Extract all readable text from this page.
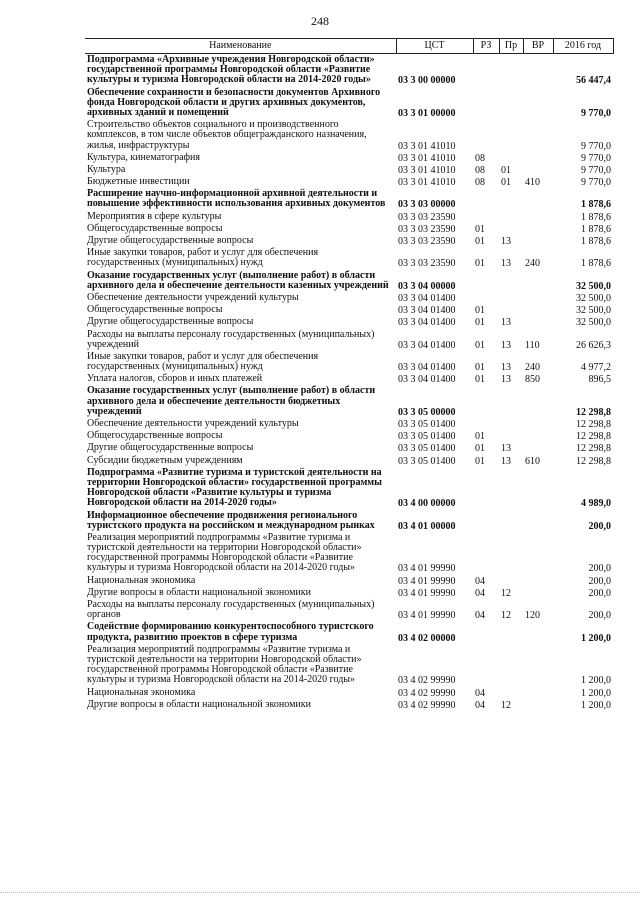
248
Наименование	ЦСТ	РЗ	Пр	ВР	2016 год
Подпрограмма «Архивные учреждения Новгородской области» государственной программы Новгородской области «Развитие культуры и туризма Новгородской области на 2014-2020 годы»	03 3 00 00000				56 447,4
Обеспечение сохранности и безопасности документов Архивного фонда Новгородской области и других архивных документов, архивных зданий и помещений	03 3 01 00000				9 770,0
Строительство объектов социального и производственного комплексов, в том числе объектов общегражданского назначения, жилья, инфраструктуры	03 3 01 41010				9 770,0
Культура, кинематография	03 3 01 41010	08			9 770,0
Культура	03 3 01 41010	08	01		9 770,0
Бюджетные инвестиции	03 3 01 41010	08	01	410	9 770,0
Расширение научно-информационной архивной деятельности и повышение эффективности использования архивных документов	03 3 03 00000				1 878,6
Мероприятия в сфере культуры	03 3 03 23590				1 878,6
Общегосударственные вопросы	03 3 03 23590	01			1 878,6
Другие общегосударственные вопросы	03 3 03 23590	01	13		1 878,6
Иные закупки товаров, работ и услуг для обеспечения государственных (муниципальных) нужд	03 3 03 23590	01	13	240	1 878,6
Оказание государственных услуг (выполнение работ) в области архивного дела и обеспечение деятельности казенных учреждений	03 3 04 00000				32 500,0
Обеспечение деятельности учреждений культуры	03 3 04 01400				32 500,0
Общегосударственные вопросы	03 3 04 01400	01			32 500,0
Другие общегосударственные вопросы	03 3 04 01400	01	13		32 500,0
Расходы на выплаты персоналу государственных (муниципальных) учреждений	03 3 04 01400	01	13	110	26 626,3
Иные закупки товаров, работ и услуг для обеспечения государственных (муниципальных) нужд	03 3 04 01400	01	13	240	4 977,2
Уплата налогов, сборов и иных платежей	03 3 04 01400	01	13	850	896,5
Оказание государственных услуг (выполнение работ) в области архивного дела и обеспечение деятельности бюджетных учреждений	03 3 05 00000				12 298,8
Обеспечение деятельности учреждений культуры	03 3 05 01400				12 298,8
Общегосударственные вопросы	03 3 05 01400	01			12 298,8
Другие общегосударственные вопросы	03 3 05 01400	01	13		12 298,8
Субсидии бюджетным учреждениям	03 3 05 01400	01	13	610	12 298,8
Подпрограмма «Развитие туризма и туристской деятельности на территории Новгородской области» государственной программы Новгородской области «Развитие культуры и туризма Новгородской области на 2014-2020 годы»	03 4 00 00000				4 989,0
Информационное обеспечение продвижения регионального туристского продукта на российском и международном рынках	03 4 01 00000				200,0
Реализация мероприятий подпрограммы «Развитие туризма и туристской деятельности на территории Новгородской области» государственной программы Новгородской области «Развитие культуры и туризма Новгородской области на 2014-2020 годы»	03 4 01 99990				200,0
Национальная экономика	03 4 01 99990	04			200,0
Другие вопросы в области национальной экономики	03 4 01 99990	04	12		200,0
Расходы на выплаты персоналу государственных (муниципальных) органов	03 4 01 99990	04	12	120	200,0
Содействие формированию конкурентоспособного туристского продукта, развитию проектов в сфере туризма	03 4 02 00000				1 200,0
Реализация мероприятий подпрограммы «Развитие туризма и туристской деятельности на территории Новгородской области» государственной программы Новгородской области «Развитие культуры и туризма Новгородской области на 2014-2020 годы»	03 4 02 99990				1 200,0
Национальная экономика	03 4 02 99990	04			1 200,0
Другие вопросы в области национальной экономики	03 4 02 99990	04	12		1 200,0
